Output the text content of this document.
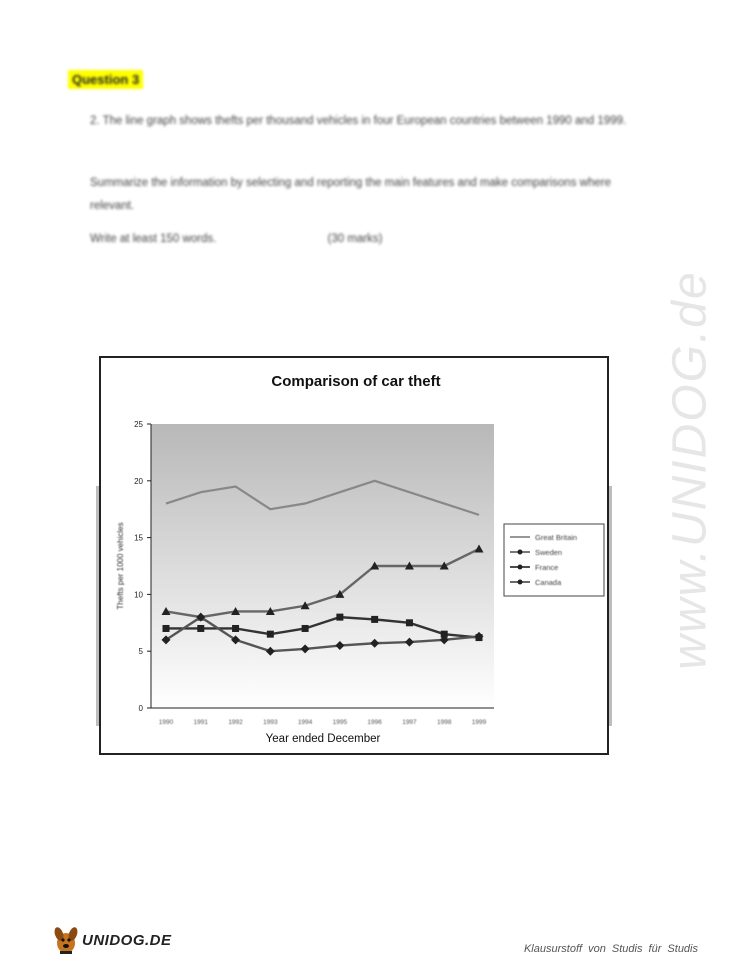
Question 3
2. The line graph shows thefts per thousand vehicles in four European countries between 1990 and 1999.
Summarize the information by selecting and reporting the main features and make comparisons where relevant.
Write at least 150 words.	(30 marks)
www.UNIDOG.de
Comparison of car theft
0
5
10
15
20
25
1990	1991	1992	1993	1994	1995	1996	1997	1998	1999
Year ended December
Thefts per 1000 vehicles	Great Britain
Sweden
France
Canada
UNIDOG.DE
Klausurstoff von Studis für Studis
